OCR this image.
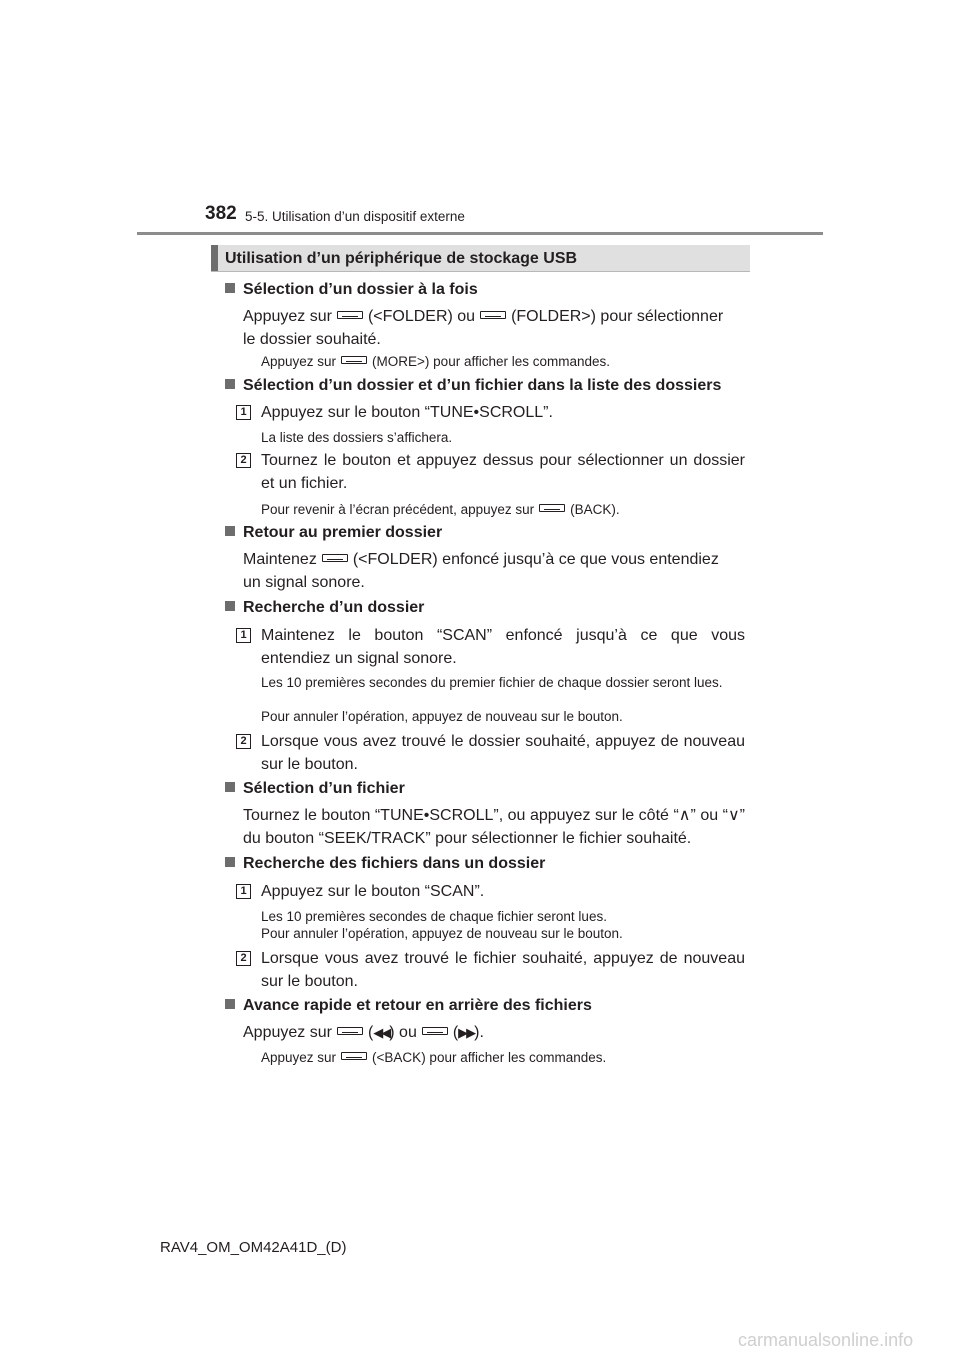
382 5-5. Utilisation d’un dispositif externe
Utilisation d’un périphérique de stockage USB
Sélection d’un dossier à la fois
Appuyez sur (<FOLDER) ou (FOLDER>) pour sélectionner
le dossier souhaité.
Appuyez sur	(MORE>) pour afficher les commandes.
Sélection d’un dossier et d’un fichier dans la liste des dossiers
1 Appuyez sur le bouton “TUNE•SCROLL”.
La liste des dossiers s’affichera.
2 Tournez le bouton et appuyez dessus pour sélectionner un dossier et un fichier.
Pour revenir à l’écran précédent, appuyez sur	(BACK).
Retour au premier dossier
Maintenez (<FOLDER) enfoncé jusqu’à ce que vous entendiez
un signal sonore.
Recherche d’un dossier
1 Maintenez le bouton “SCAN” enfoncé jusqu’à ce que vous entendiez un signal sonore.
Les 10 premières secondes du premier fichier de chaque dossier seront lues.
Pour annuler l’opération, appuyez de nouveau sur le bouton.
2 Lorsque vous avez trouvé le dossier souhaité, appuyez de nouveau sur le bouton.
Sélection d’un fichier
Tournez le bouton “TUNE•SCROLL”, ou appuyez sur le côté “∧” ou “∨” du bouton “SEEK/TRACK” pour sélectionner le fichier souhaité.
Recherche des fichiers dans un dossier
1 Appuyez sur le bouton “SCAN”.
Les 10 premières secondes de chaque fichier seront lues.
Pour annuler l’opération, appuyez de nouveau sur le bouton.
2 Lorsque vous avez trouvé le fichier souhaité, appuyez de nouveau sur le bouton.
Avance rapide et retour en arrière des fichiers
Appuyez sur (◀◀) ou (▶▶).
Appuyez sur	(<BACK) pour afficher les commandes.
RAV4_OM_OM42A41D_(D)
carmanualsonline.info
